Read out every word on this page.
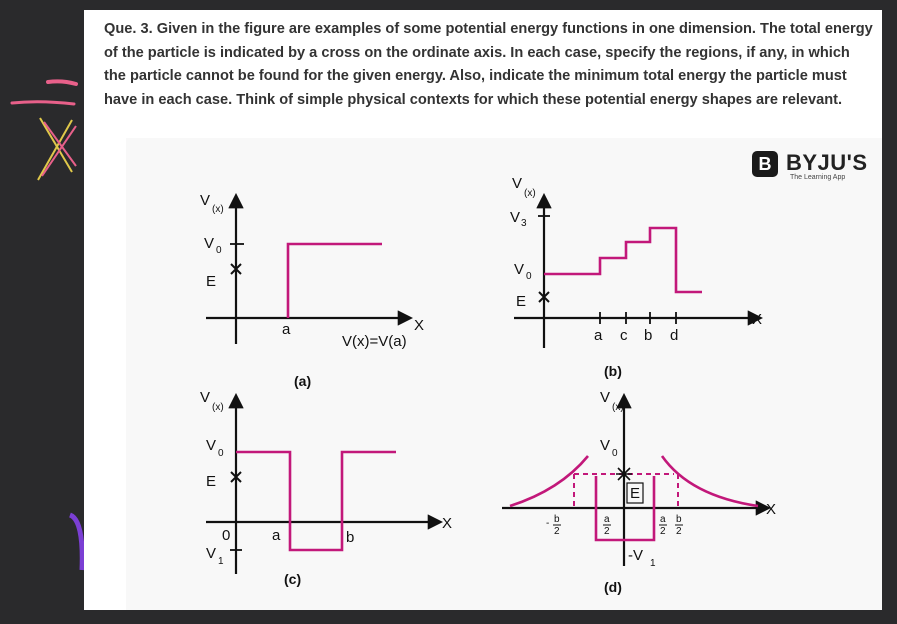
Que. 3. Given in the figure are examples of some potential energy functions in one dimension. The total energy of the particle is indicated by a cross on the ordinate axis. In each case, specify the regions, if any, in which the particle cannot be found for the given energy. Also, indicate the minimum total energy the particle must have in each case. Think of simple physical contexts for which these potential energy shapes are relevant.

B BYJU'S
The Learning App
V
(x)
V 0
E
a	X
V(x)=V(a)
(a)
V
(x)
V 3
V 0
E
a c b d
X
(b)
V
(x)
V 0
E
0
V 1
a	b
X
(c)
V
(x)
V 0
E
- b
2
a
2
a
2
b
2
-V 1
X
(d)
